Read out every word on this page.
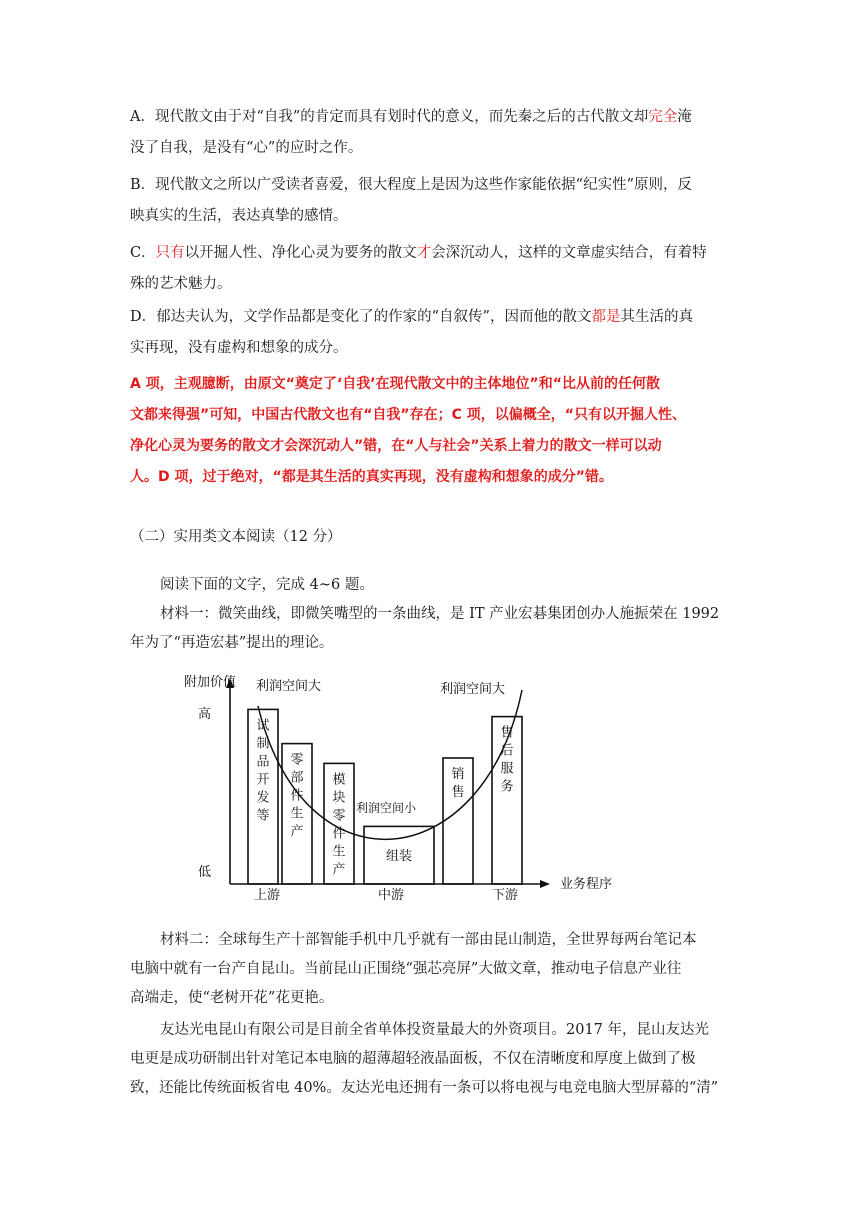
A．现代散文由于对“自我”的肯定而具有划时代的意义，而先秦之后的古代散文却完全淹
没了自我，是没有“心”的应时之作。

B．现代散文之所以广受读者喜爱，很大程度上是因为这些作家能依据“纪实性”原则，反
映真实的生活，表达真挚的感情。

C．只有以开掘人性、净化心灵为要务的散文才会深沉动人，这样的文章虚实结合，有着特
殊的艺术魅力。

D．郁达夫认为，文学作品都是变化了的作家的“自叙传”，因而他的散文都是其生活的真
实再现，没有虚构和想象的成分。

A 项，主观臆断，由原文“奠定了‘自我’在现代散文中的主体地位”和“比从前的任何散
文都来得强”可知，中国古代散文也有“自我”存在；C 项，以偏概全，“只有以开掘人性、
净化心灵为要务的散文才会深沉动人”错，在“人与社会”关系上着力的散文一样可以动
人。D 项，过于绝对，“都是其生活的真实再现，没有虚构和想象的成分”错。

（二）实用类文本阅读（12 分）

阅读下面的文字，完成 4~6 题。
材料一：微笑曲线，即微笑嘴型的一条曲线，是 IT 产业宏碁集团创办人施振荣在 1992
年为了“再造宏碁”提出的理论。

试制品开发等
零部件生产
模块零件生产
组装
销售
售后服务
附加价值
高
低
业务程序
上游	中游	下游
利润空间大
利润空间小
利润空间大

材料二：全球每生产十部智能手机中几乎就有一部由昆山制造，全世界每两台笔记本
电脑中就有一台产自昆山。当前昆山正围绕“强芯亮屏”大做文章，推动电子信息产业往
高端走，使“老树开花”花更艳。

友达光电昆山有限公司是目前全省单体投资量最大的外资项目。2017 年，昆山友达光
电更是成功研制出针对笔记本电脑的超薄超轻液晶面板，不仅在清晰度和厚度上做到了极
致，还能比传统面板省电 40%。友达光电还拥有一条可以将电视与电竞电脑大型屏幕的“清”
